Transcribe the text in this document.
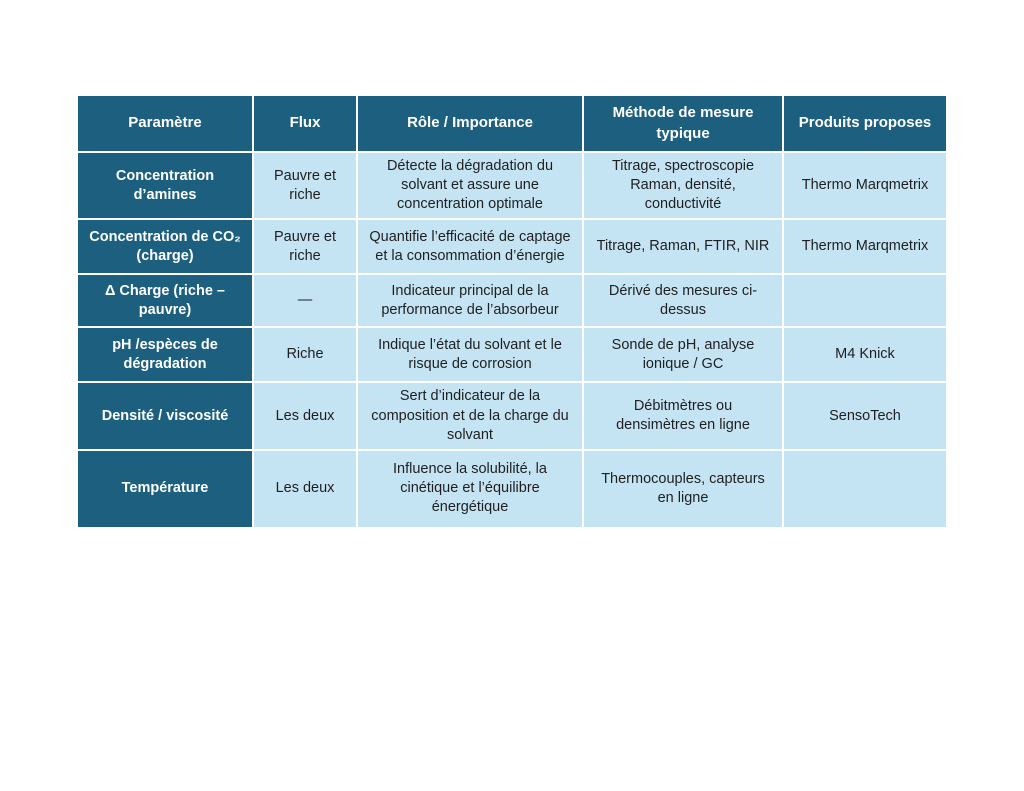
Paramètre	Flux	Rôle / Importance	Méthode de mesure typique	Produits proposes
Concentration d’amines	Pauvre et riche	Détecte la dégradation du solvant et assure une concentration optimale	Titrage, spectroscopie Raman, densité, conductivité	Thermo Marqmetrix
Concentration de CO₂ (charge)	Pauvre et riche	Quantifie l’efficacité de captage et la consommation d’énergie	Titrage, Raman, FTIR, NIR	Thermo Marqmetrix
Δ Charge (riche – pauvre)	—	Indicateur principal de la performance de l’absorbeur	Dérivé des mesures ci-dessus	
pH /espèces de dégradation	Riche	Indique l’état du solvant et le risque de corrosion	Sonde de pH, analyse ionique / GC	M4 Knick
Densité / viscosité	Les deux	Sert d’indicateur de la composition et de la charge du solvant	Débitmètres ou densimètres en ligne	SensoTech
Température	Les deux	Influence la solubilité, la cinétique et l’équilibre énergétique	Thermocouples, capteurs en ligne	
